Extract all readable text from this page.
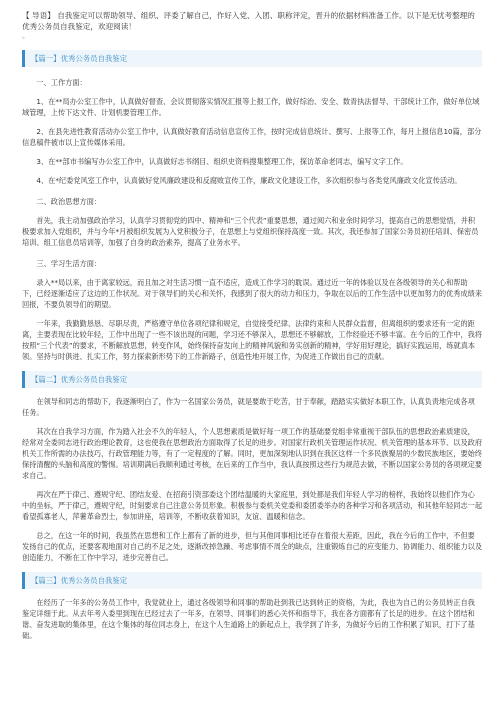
【 导语】 自我鉴定可以帮助领导、组织、评委了解自己，作好入党、入团、职称评定，晋升的依据材料准备工作。以下是无忧考整理的优秀公务员自我鉴定，欢迎阅读！
。
【篇一】优秀公务员自我鉴定

一、工作方面：

1、在**局办公室工作中，认真做好督查、会议贯彻落实情况汇报等上报工作，做好综治、安全、数青执法督导、干部统计工作，做好单位域域管理，上传下达文件、计划机要管理工作。

2、在县先进性教育活动办公室工作中，认真做好教育活动信息宣传工作，按时完成信息统计、撰写、上报等工作，每月上报信息10篇，部分信息稿件被市以上宣传媒体采用。

3、在**部市书编写办公室工作中，认真做好志书纲目、组织史资料搜集整理工作，探访革命老同志，编写文字工作。

4、在*纪委党风室工作中，认真做好党风廉政建设和反腐败宣传工作，廉政文化建设工作，多次组织参与各类党风廉政文化宣传活动。

二、政治思想方面：

首先，我主动加强政治学习，认真学习贯彻党的四中、精神和“三个代表”重要思想，通过阅六和业余时间学习，提高自己的思想觉悟，并积极要求加入党组织，并与今年*月被组织发展为入党积极分子，在思想上与党组织保持高度一致。其次，我还参加了国家公务员初任培训、保密员培训、组工信息员培训等，加强了自身的政治素养，提高了业务水平。

三、学习生活方面：

录入**局以来，由于离家较远，而且加之对生活习惯一直不适应，造成工作学习的耽误。通过近一年的体验以及在各级领导的关心和帮助下，已经逐渐适应了这边的工作状况。对于领导们的关心和关怀，我感到了很大的动力和压力，争取在以后的工作生活中以更加努力的优秀成绩来回报，不要负领导们的期望。

一年来，我勤勤恳恳、尽职尽责，严格遵守单位各项纪律和规定，自觉接受纪律、法律约束和人民群众监督，但离组织的要求还有一定的距离，主要表现在比较年轻，工作中出现了一些不该出现的问题，学习还不够深入，思想还不够解放，工作经验还不够丰富。在今后的工作中，我将按照“三个代表”的要求，不断解放思想，转变作风，始终保持奋发向上的精神风貌和务实创新的精神，学好用好理论，搞好实践运用，练就真本领。坚持与时俱进、扎实工作，努力探索新形势下的工作新路子，创造性地开展工作，为促进工作做出自己的贡献。

【篇二】优秀公务员自我鉴定

在领导和同志的帮助下，我逐渐明白了，作为一名国家公务员，就是要敢于吃苦，甘于奉献，踏踏实实做好本职工作，认真负责地完成各项任务。

其次在自我学习方面，作为踏入社会不久的年轻人，个人思想素质是做好每一项工作的基础要党组非常重视干部队伍的思想政治素质建设，经常对全委同志进行政治理论教育，这也使我在思想政治方面取得了长足的进步。对国家行政机关管理运作状况、机关管理的基本环节、以及政府机关工作所需的办法技巧，行政管理能力等，有了一定程度的了解。同时，更加深刻地认识到在我区这样一个多民族聚居的少数民族地区，要始终保持清醒的头脑和高度的警惕。培训期满后我顺利通过考核，在后来的工作当中，我认真按照这些行为规范去做，不断以国家公务员的各项规定要求自己。

再次在严于律己、遵规守纪、团结友爱、在招商引资部委这个团结温暖的大家庭里，到处都是我们年轻人学习的榜样，我始终以他们作为心中的坐标，严于律己，遵规守纪，时刻要求自己注意公务员形象。积极参与委机关党委和委团委举办的各种学习和各项活动，和其他年轻同志一起看望孤寡老人，萍薯革命烈士，参加讲座，培训等，不断收获着知识，友谊、温暖和信念。

总之，在这一年的时间，我虽然在思想和工作上都有了新的进步，但与其他同事相比还存在着很大差距，因此，我在今后的工作中，不但要发扬自己的优点，还要客观地面对自己的不足之处，逐渐改掉急躁、考虑事情不周全的缺点，注重锻炼自己的应变能力、协调能力、组织能力以及创造能力，不断在工作中学习，进步完善自己。

【篇三】优秀公务员自我鉴定

在经历了一年多的公务员工作中，我觉就业上，通过各级领导和同事的帮助赴到我已达到转正的资格，为此，我也为自己的公务员转正自我鉴定详细于此。从去年考入委里到现在已经过去了一年多，在领导、同事们的悉心关怀和指导下，我在各方面都有了长足的进步。在这个团结和谐、奋发进取的集体里，在这个集体的每位同志身上，在这个人生道路上的新起点上，我学到了许多，为做好今后的工作积累了知识，打下了基础。
